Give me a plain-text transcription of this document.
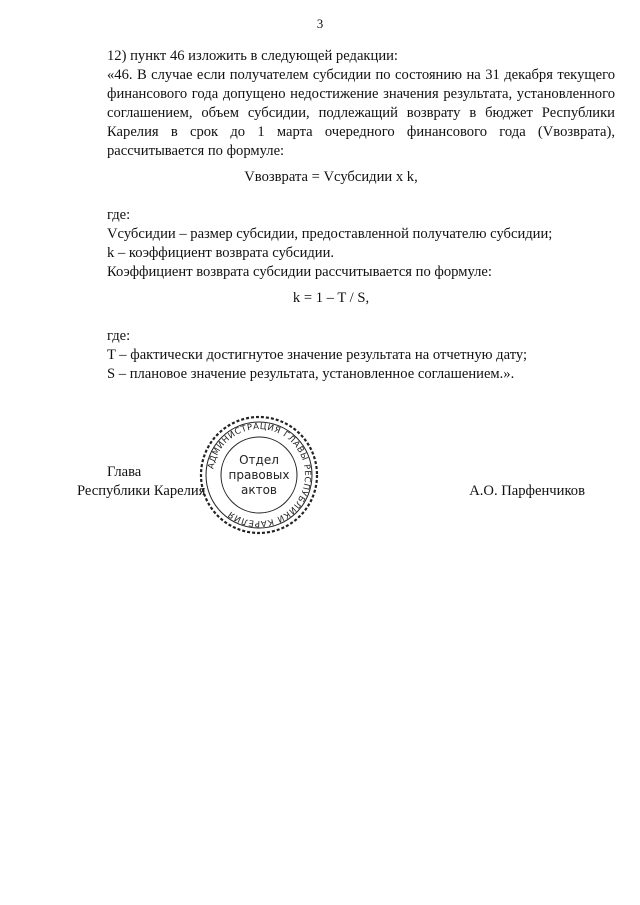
3
12) пункт 46 изложить в следующей редакции:
«46. В случае если получателем субсидии по состоянию на 31 декабря текущего финансового года допущено недостижение значения результата, установленного соглашением, объем субсидии, подлежащий возврату в бюджет Республики Карелия в срок до 1 марта очередного финансового года (Vвозврата), рассчитывается по формуле:
Vвозврата = Vсубсидии х k,
где:
Vсубсидии – размер субсидии, предоставленной получателю субсидии;
k – коэффициент возврата субсидии.
Коэффициент возврата субсидии рассчитывается по формуле:
k = 1 – T / S,
где:
T – фактически достигнутое значение результата на отчетную дату;
S – плановое значение результата, установленное соглашением.».
Глава
Республики Карелия	А.О. Парфенчиков
АДМИНИСТРАЦИЯ ГЛАВЫ РЕСПУБЛИКИ КАРЕЛИЯ
Отдел
правовых
актов
